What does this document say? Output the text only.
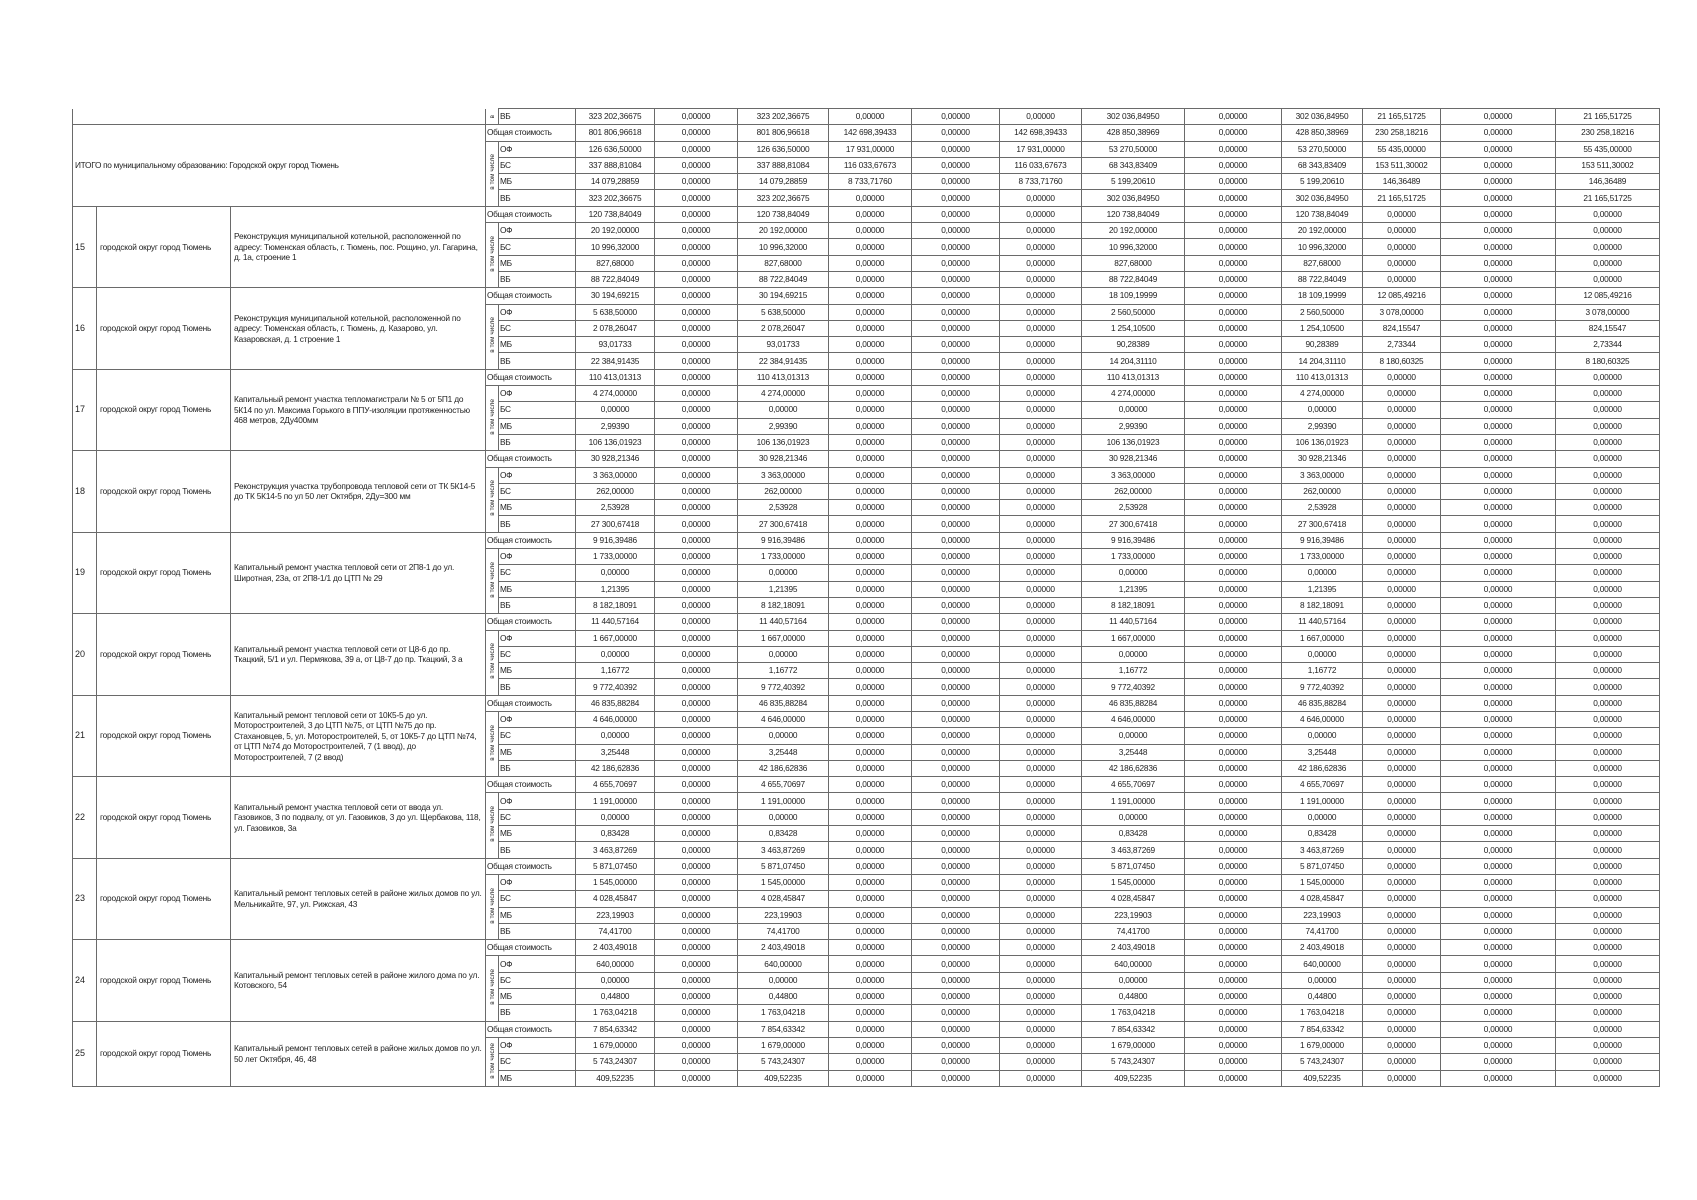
			в	ВБ	323 202,36675	0,00000	323 202,36675	0,00000	0,00000	0,00000	302 036,84950	0,00000	302 036,84950	21 165,51725	0,00000	21 165,51725
ИТОГО по муниципальному образованию: Городской округ город Тюмень			Общая стоимость		801 806,96618	0,00000	801 806,96618	142 698,39433	0,00000	142 698,39433	428 850,38969	0,00000	428 850,38969	230 258,18216	0,00000	230 258,18216
			в том числе	ОФ	126 636,50000	0,00000	126 636,50000	17 931,00000	0,00000	17 931,00000	53 270,50000	0,00000	53 270,50000	55 435,00000	0,00000	55 435,00000
				БС	337 888,81084	0,00000	337 888,81084	116 033,67673	0,00000	116 033,67673	68 343,83409	0,00000	68 343,83409	153 511,30002	0,00000	153 511,30002
				МБ	14 079,28859	0,00000	14 079,28859	8 733,71760	0,00000	8 733,71760	5 199,20610	0,00000	5 199,20610	146,36489	0,00000	146,36489
				ВБ	323 202,36675	0,00000	323 202,36675	0,00000	0,00000	0,00000	302 036,84950	0,00000	302 036,84950	21 165,51725	0,00000	21 165,51725
15	городской округ город Тюмень	Реконструкция муниципальной котельной, расположенной по адресу: Тюменская область, г. Тюмень, пос. Рощино, ул. Гагарина, д. 1а, строение 1	Общая стоимость		120 738,84049	0,00000	120 738,84049	0,00000	0,00000	0,00000	120 738,84049	0,00000	120 738,84049	0,00000	0,00000	0,00000
			в том числе	ОФ	20 192,00000	0,00000	20 192,00000	0,00000	0,00000	0,00000	20 192,00000	0,00000	20 192,00000	0,00000	0,00000	0,00000
				БС	10 996,32000	0,00000	10 996,32000	0,00000	0,00000	0,00000	10 996,32000	0,00000	10 996,32000	0,00000	0,00000	0,00000
				МБ	827,68000	0,00000	827,68000	0,00000	0,00000	0,00000	827,68000	0,00000	827,68000	0,00000	0,00000	0,00000
				ВБ	88 722,84049	0,00000	88 722,84049	0,00000	0,00000	0,00000	88 722,84049	0,00000	88 722,84049	0,00000	0,00000	0,00000
16	городской округ город Тюмень	Реконструкция муниципальной котельной, расположенной по адресу: Тюменская область, г. Тюмень, д. Казарово, ул. Казаровская, д. 1 строение 1	Общая стоимость		30 194,69215	0,00000	30 194,69215	0,00000	0,00000	0,00000	18 109,19999	0,00000	18 109,19999	12 085,49216	0,00000	12 085,49216
			в том числе	ОФ	5 638,50000	0,00000	5 638,50000	0,00000	0,00000	0,00000	2 560,50000	0,00000	2 560,50000	3 078,00000	0,00000	3 078,00000
				БС	2 078,26047	0,00000	2 078,26047	0,00000	0,00000	0,00000	1 254,10500	0,00000	1 254,10500	824,15547	0,00000	824,15547
				МБ	93,01733	0,00000	93,01733	0,00000	0,00000	0,00000	90,28389	0,00000	90,28389	2,73344	0,00000	2,73344
				ВБ	22 384,91435	0,00000	22 384,91435	0,00000	0,00000	0,00000	14 204,31110	0,00000	14 204,31110	8 180,60325	0,00000	8 180,60325
17	городской округ город Тюмень	Капитальный ремонт участка тепломагистрали № 5 от 5П1 до 5К14 по ул. Максима Горького в ППУ-изоляции протяженностью 468 метров, 2Ду400мм	Общая стоимость		110 413,01313	0,00000	110 413,01313	0,00000	0,00000	0,00000	110 413,01313	0,00000	110 413,01313	0,00000	0,00000	0,00000
			в том числе	ОФ	4 274,00000	0,00000	4 274,00000	0,00000	0,00000	0,00000	4 274,00000	0,00000	4 274,00000	0,00000	0,00000	0,00000
				БС	0,00000	0,00000	0,00000	0,00000	0,00000	0,00000	0,00000	0,00000	0,00000	0,00000	0,00000	0,00000
				МБ	2,99390	0,00000	2,99390	0,00000	0,00000	0,00000	2,99390	0,00000	2,99390	0,00000	0,00000	0,00000
				ВБ	106 136,01923	0,00000	106 136,01923	0,00000	0,00000	0,00000	106 136,01923	0,00000	106 136,01923	0,00000	0,00000	0,00000
18	городской округ город Тюмень	Реконструкция участка трубопровода тепловой сети от ТК 5К14-5 до ТК 5К14-5 по ул 50 лет Октября, 2Ду=300 мм	Общая стоимость		30 928,21346	0,00000	30 928,21346	0,00000	0,00000	0,00000	30 928,21346	0,00000	30 928,21346	0,00000	0,00000	0,00000
			в том числе	ОФ	3 363,00000	0,00000	3 363,00000	0,00000	0,00000	0,00000	3 363,00000	0,00000	3 363,00000	0,00000	0,00000	0,00000
				БС	262,00000	0,00000	262,00000	0,00000	0,00000	0,00000	262,00000	0,00000	262,00000	0,00000	0,00000	0,00000
				МБ	2,53928	0,00000	2,53928	0,00000	0,00000	0,00000	2,53928	0,00000	2,53928	0,00000	0,00000	0,00000
				ВБ	27 300,67418	0,00000	27 300,67418	0,00000	0,00000	0,00000	27 300,67418	0,00000	27 300,67418	0,00000	0,00000	0,00000
19	городской округ город Тюмень	Капитальный ремонт участка тепловой сети от 2П8-1 до ул. Широтная, 23а, от 2П8-1/1 до ЦТП № 29	Общая стоимость		9 916,39486	0,00000	9 916,39486	0,00000	0,00000	0,00000	9 916,39486	0,00000	9 916,39486	0,00000	0,00000	0,00000
			в том числе	ОФ	1 733,00000	0,00000	1 733,00000	0,00000	0,00000	0,00000	1 733,00000	0,00000	1 733,00000	0,00000	0,00000	0,00000
				БС	0,00000	0,00000	0,00000	0,00000	0,00000	0,00000	0,00000	0,00000	0,00000	0,00000	0,00000	0,00000
				МБ	1,21395	0,00000	1,21395	0,00000	0,00000	0,00000	1,21395	0,00000	1,21395	0,00000	0,00000	0,00000
				ВБ	8 182,18091	0,00000	8 182,18091	0,00000	0,00000	0,00000	8 182,18091	0,00000	8 182,18091	0,00000	0,00000	0,00000
20	городской округ город Тюмень	Капитальный ремонт участка тепловой сети от Ц8-6 до пр. Ткацкий, 5/1 и ул. Пермякова, 39 а, от Ц8-7 до пр. Ткацкий, 3 а	Общая стоимость		11 440,57164	0,00000	11 440,57164	0,00000	0,00000	0,00000	11 440,57164	0,00000	11 440,57164	0,00000	0,00000	0,00000
			в том числе	ОФ	1 667,00000	0,00000	1 667,00000	0,00000	0,00000	0,00000	1 667,00000	0,00000	1 667,00000	0,00000	0,00000	0,00000
				БС	0,00000	0,00000	0,00000	0,00000	0,00000	0,00000	0,00000	0,00000	0,00000	0,00000	0,00000	0,00000
				МБ	1,16772	0,00000	1,16772	0,00000	0,00000	0,00000	1,16772	0,00000	1,16772	0,00000	0,00000	0,00000
				ВБ	9 772,40392	0,00000	9 772,40392	0,00000	0,00000	0,00000	9 772,40392	0,00000	9 772,40392	0,00000	0,00000	0,00000
21	городской округ город Тюмень	Капитальный ремонт тепловой сети от 10К5-5 до ул. Моторостроителей, 3 до ЦТП №75, от ЦТП №75 до пр. Стахановцев, 5, ул. Моторостроителей, 5, от 10К5-7 до ЦТП №74, от ЦТП №74 до Моторостроителей, 7 (1 ввод), до Моторостроителей, 7 (2 ввод)	Общая стоимость		46 835,88284	0,00000	46 835,88284	0,00000	0,00000	0,00000	46 835,88284	0,00000	46 835,88284	0,00000	0,00000	0,00000
			в том числе	ОФ	4 646,00000	0,00000	4 646,00000	0,00000	0,00000	0,00000	4 646,00000	0,00000	4 646,00000	0,00000	0,00000	0,00000
				БС	0,00000	0,00000	0,00000	0,00000	0,00000	0,00000	0,00000	0,00000	0,00000	0,00000	0,00000	0,00000
				МБ	3,25448	0,00000	3,25448	0,00000	0,00000	0,00000	3,25448	0,00000	3,25448	0,00000	0,00000	0,00000
				ВБ	42 186,62836	0,00000	42 186,62836	0,00000	0,00000	0,00000	42 186,62836	0,00000	42 186,62836	0,00000	0,00000	0,00000
22	городской округ город Тюмень	Капитальный ремонт участка тепловой сети от ввода ул. Газовиков, 3 по подвалу, от ул. Газовиков, 3 до ул. Щербакова, 118, ул. Газовиков, 3а	Общая стоимость		4 655,70697	0,00000	4 655,70697	0,00000	0,00000	0,00000	4 655,70697	0,00000	4 655,70697	0,00000	0,00000	0,00000
			в том числе	ОФ	1 191,00000	0,00000	1 191,00000	0,00000	0,00000	0,00000	1 191,00000	0,00000	1 191,00000	0,00000	0,00000	0,00000
				БС	0,00000	0,00000	0,00000	0,00000	0,00000	0,00000	0,00000	0,00000	0,00000	0,00000	0,00000	0,00000
				МБ	0,83428	0,00000	0,83428	0,00000	0,00000	0,00000	0,83428	0,00000	0,83428	0,00000	0,00000	0,00000
				ВБ	3 463,87269	0,00000	3 463,87269	0,00000	0,00000	0,00000	3 463,87269	0,00000	3 463,87269	0,00000	0,00000	0,00000
23	городской округ город Тюмень	Капитальный ремонт тепловых сетей в районе жилых домов по ул. Мельникайте, 97, ул. Рижская, 43	Общая стоимость		5 871,07450	0,00000	5 871,07450	0,00000	0,00000	0,00000	5 871,07450	0,00000	5 871,07450	0,00000	0,00000	0,00000
			в том числе	ОФ	1 545,00000	0,00000	1 545,00000	0,00000	0,00000	0,00000	1 545,00000	0,00000	1 545,00000	0,00000	0,00000	0,00000
				БС	4 028,45847	0,00000	4 028,45847	0,00000	0,00000	0,00000	4 028,45847	0,00000	4 028,45847	0,00000	0,00000	0,00000
				МБ	223,19903	0,00000	223,19903	0,00000	0,00000	0,00000	223,19903	0,00000	223,19903	0,00000	0,00000	0,00000
				ВБ	74,41700	0,00000	74,41700	0,00000	0,00000	0,00000	74,41700	0,00000	74,41700	0,00000	0,00000	0,00000
24	городской округ город Тюмень	Капитальный ремонт тепловых сетей в районе жилого дома по ул. Котовского, 54	Общая стоимость		2 403,49018	0,00000	2 403,49018	0,00000	0,00000	0,00000	2 403,49018	0,00000	2 403,49018	0,00000	0,00000	0,00000
			в том числе	ОФ	640,00000	0,00000	640,00000	0,00000	0,00000	0,00000	640,00000	0,00000	640,00000	0,00000	0,00000	0,00000
				БС	0,00000	0,00000	0,00000	0,00000	0,00000	0,00000	0,00000	0,00000	0,00000	0,00000	0,00000	0,00000
				МБ	0,44800	0,00000	0,44800	0,00000	0,00000	0,00000	0,44800	0,00000	0,44800	0,00000	0,00000	0,00000
				ВБ	1 763,04218	0,00000	1 763,04218	0,00000	0,00000	0,00000	1 763,04218	0,00000	1 763,04218	0,00000	0,00000	0,00000
25	городской округ город Тюмень	Капитальный ремонт тепловых сетей в районе жилых домов по ул. 50 лет Октября, 46, 48	Общая стоимость		7 854,63342	0,00000	7 854,63342	0,00000	0,00000	0,00000	7 854,63342	0,00000	7 854,63342	0,00000	0,00000	0,00000
			в том числе	ОФ	1 679,00000	0,00000	1 679,00000	0,00000	0,00000	0,00000	1 679,00000	0,00000	1 679,00000	0,00000	0,00000	0,00000
				БС	5 743,24307	0,00000	5 743,24307	0,00000	0,00000	0,00000	5 743,24307	0,00000	5 743,24307	0,00000	0,00000	0,00000
				МБ	409,52235	0,00000	409,52235	0,00000	0,00000	0,00000	409,52235	0,00000	409,52235	0,00000	0,00000	0,00000
